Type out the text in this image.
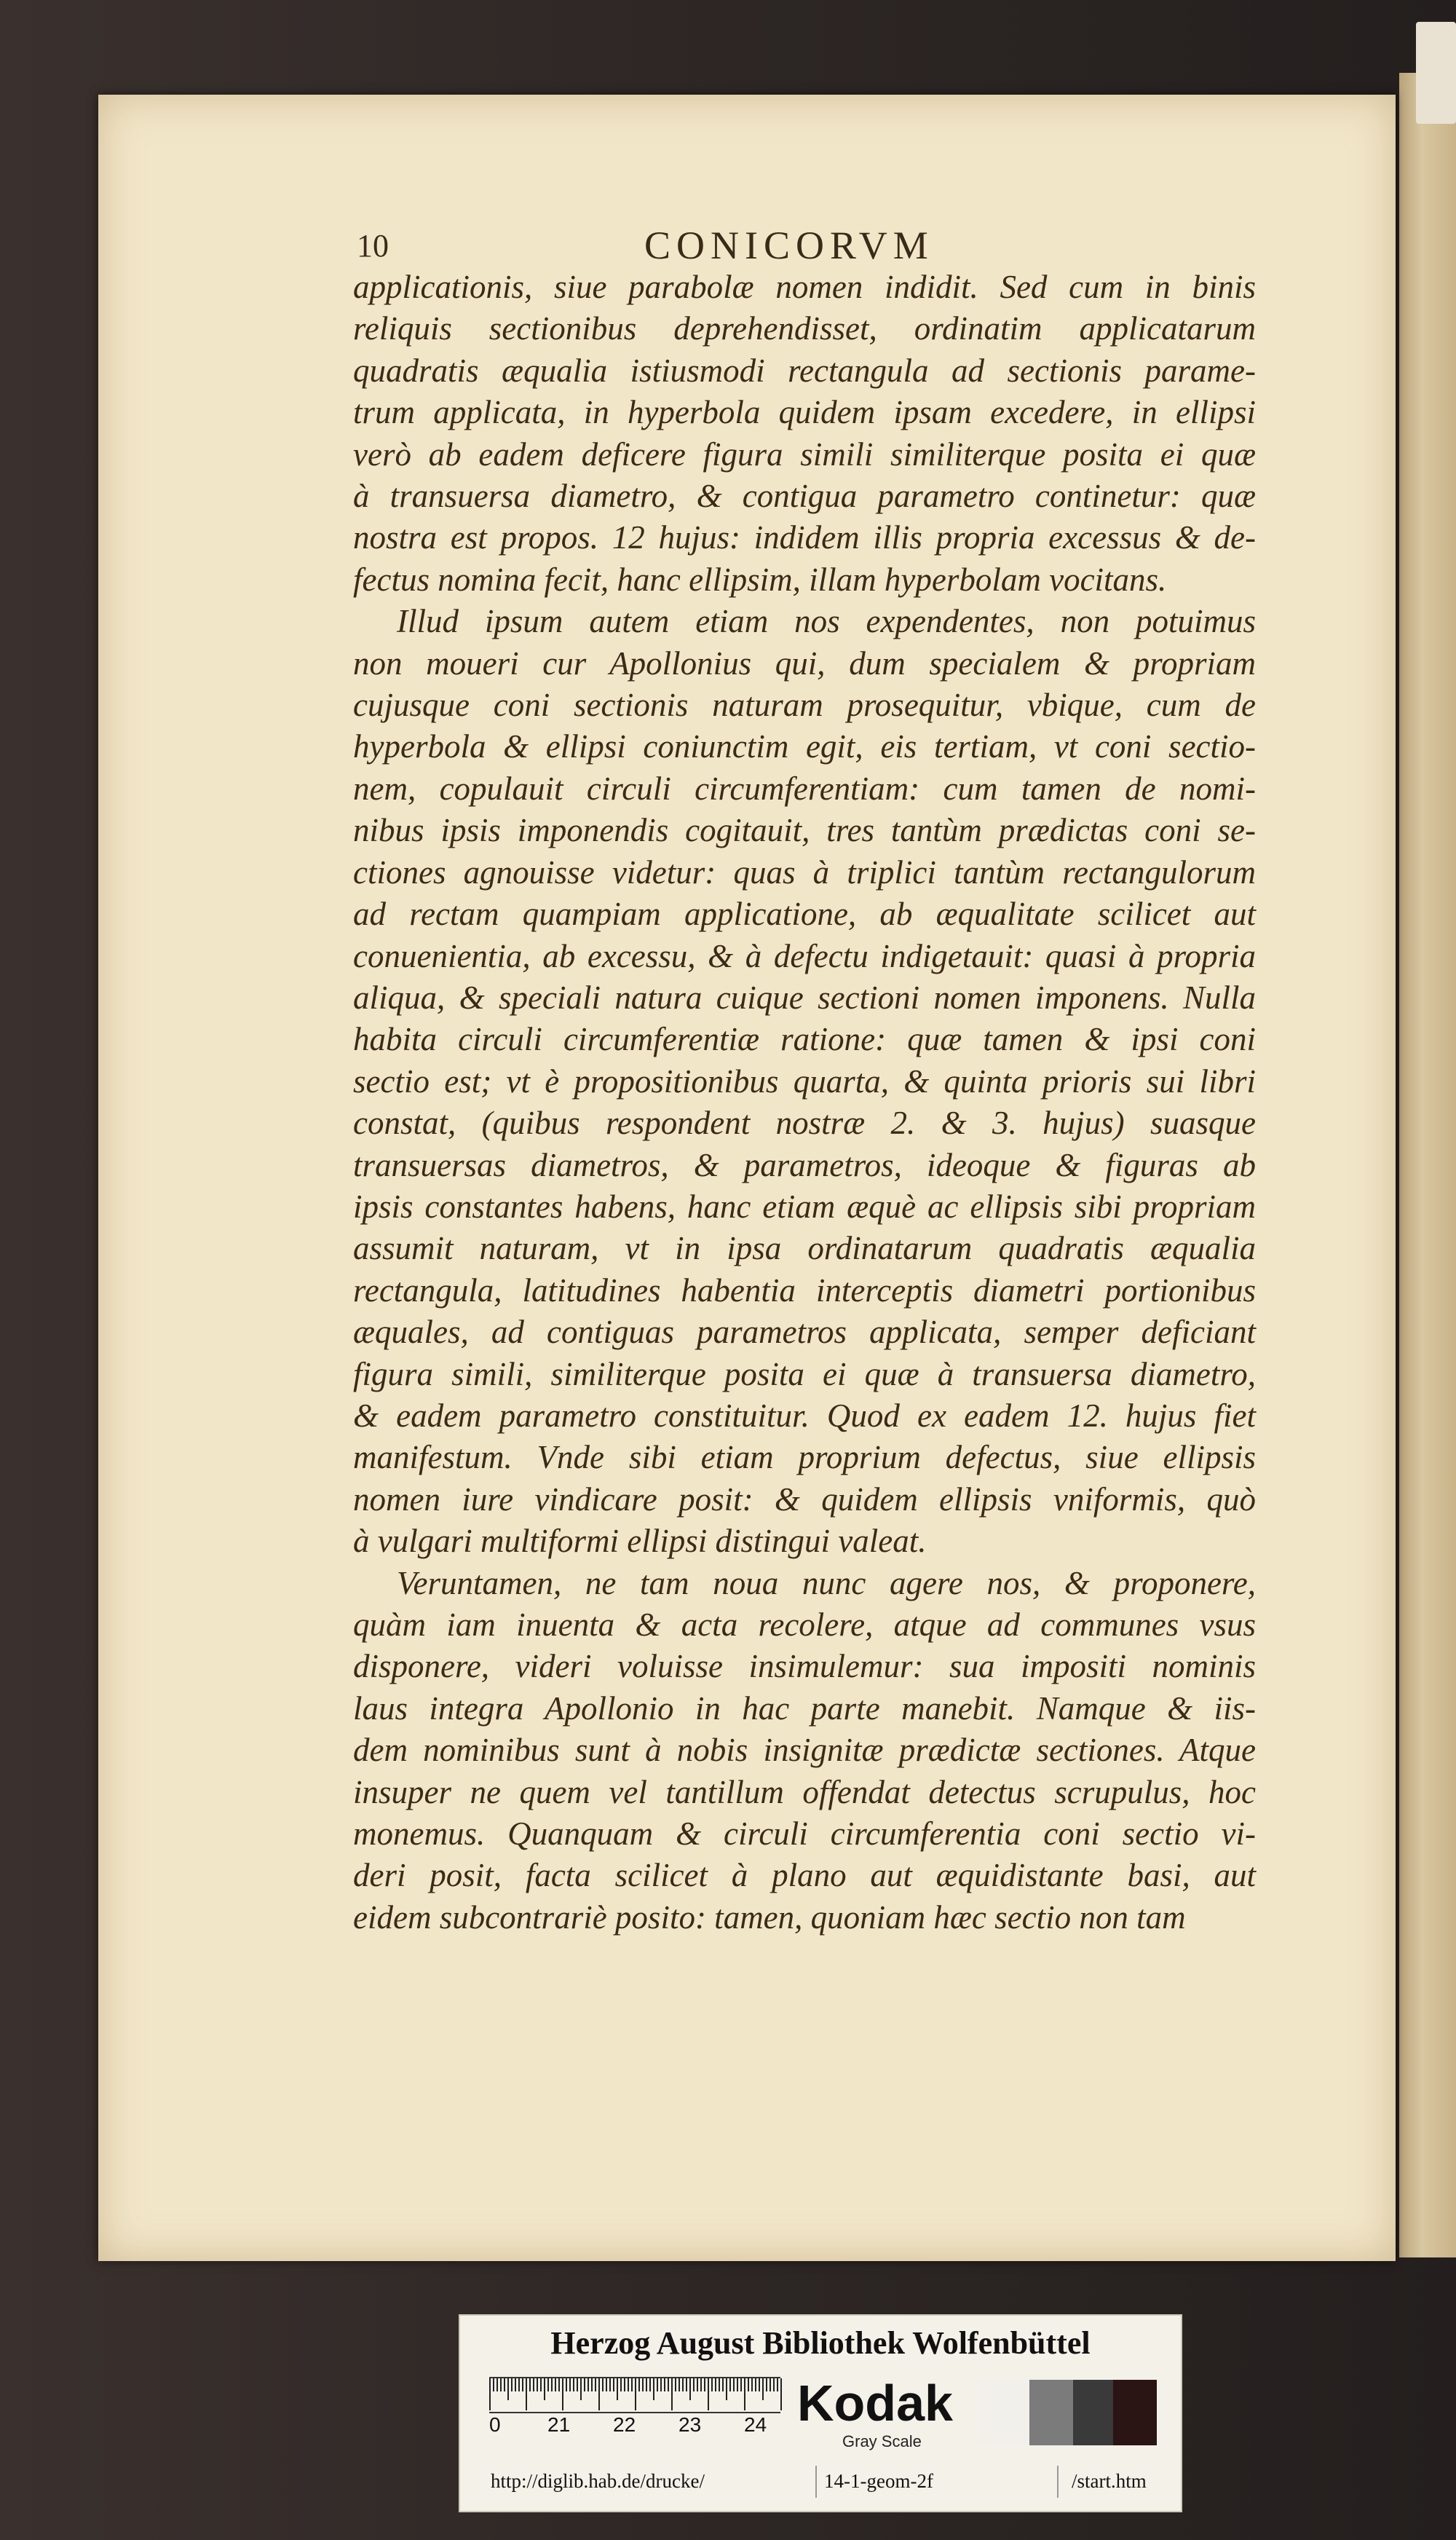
10	CONICORVM
applicationis, siue parabolæ nomen indidit. Sed cum in binis
reliquis sectionibus deprehendisset, ordinatim applicatarum
quadratis æqualia istiusmodi rectangula ad sectionis parame-
trum applicata, in hyperbola quidem ipsam excedere, in ellipsi
verò ab eadem deficere figura simili similiterque posita ei quæ
à transuersa diametro, & contigua parametro continetur: quæ
nostra est propos. 12 hujus: indidem illis propria excessus & de-
fectus nomina fecit, hanc ellipsim, illam hyperbolam vocitans.
Illud ipsum autem etiam nos expendentes, non potuimus
non moueri cur Apollonius qui, dum specialem & propriam
cujusque coni sectionis naturam prosequitur, vbique, cum de
hyperbola & ellipsi coniunctim egit, eis tertiam, vt coni sectio-
nem, copulauit circuli circumferentiam: cum tamen de nomi-
nibus ipsis imponendis cogitauit, tres tantùm prædictas coni se-
ctiones agnouisse videtur: quas à triplici tantùm rectangulorum
ad rectam quampiam applicatione, ab æqualitate scilicet aut
conuenientia, ab excessu, & à defectu indigetauit: quasi à propria
aliqua, & speciali natura cuique sectioni nomen imponens. Nulla
habita circuli circumferentiæ ratione: quæ tamen & ipsi coni
sectio est; vt è propositionibus quarta, & quinta prioris sui libri
constat, (quibus respondent nostræ 2. & 3. hujus) suasque
transuersas diametros, & parametros, ideoque & figuras ab
ipsis constantes habens, hanc etiam æquè ac ellipsis sibi propriam
assumit naturam, vt in ipsa ordinatarum quadratis æqualia
rectangula, latitudines habentia interceptis diametri portionibus
æquales, ad contiguas parametros applicata, semper deficiant
figura simili, similiterque posita ei quæ à transuersa diametro,
& eadem parametro constituitur. Quod ex eadem 12. hujus fiet
manifestum. Vnde sibi etiam proprium defectus, siue ellipsis
nomen iure vindicare posit: & quidem ellipsis vniformis, quò
à vulgari multiformi ellipsi distingui valeat.
Veruntamen, ne tam noua nunc agere nos, & proponere,
quàm iam inuenta & acta recolere, atque ad communes vsus
disponere, videri voluisse insimulemur: sua impositi nominis
laus integra Apollonio in hac parte manebit. Namque & iis-
dem nominibus sunt à nobis insignitæ prædictæ sectiones. Atque
insuper ne quem vel tantillum offendat detectus scrupulus, hoc
monemus. Quanquam & circuli circumferentia coni sectio vi-
deri posit, facta scilicet à plano aut æquidistante basi, aut
eidem subcontrariè posito: tamen, quoniam hæc sectio non tam
Herzog August Bibliothek Wolfenbüttel
0 21 22 23 24 Kodak
Gray Scale
http://diglib.hab.de/drucke/	14-1-geom-2f	/start.htm
